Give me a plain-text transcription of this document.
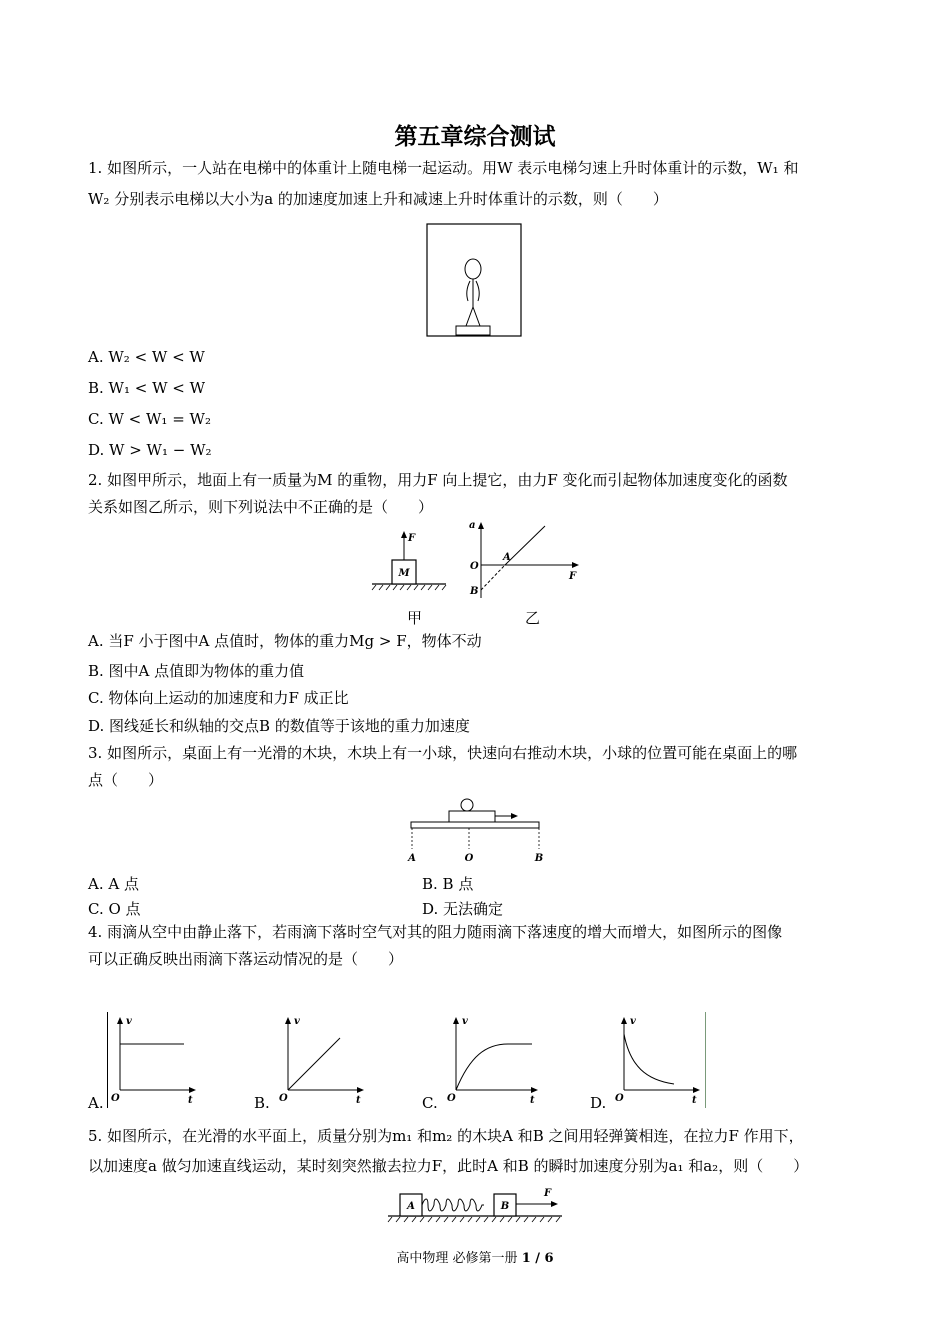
第五章综合测试
1. 如图所示，一人站在电梯中的体重计上随电梯一起运动。用W 表示电梯匀速上升时体重计的示数，W₁ 和
W₂ 分别表示电梯以大小为a 的加速度加速上升和减速上升时体重计的示数，则（　　）
A. W₂ < W < W
B. W₁ < W < W
C. W < W₁ = W₂
D. W > W₁ − W₂
2. 如图甲所示，地面上有一质量为M 的重物，用力F 向上提它，由力F 变化而引起物体加速度变化的函数
关系如图乙所示，则下列说法中不正确的是（　　）
M
F
a
F
O
A
B
甲	乙
A. 当F 小于图中A 点值时，物体的重力Mg > F，物体不动
B. 图中A 点值即为物体的重力值
C. 物体向上运动的加速度和力F 成正比
D. 图线延长和纵轴的交点B 的数值等于该地的重力加速度
3. 如图所示，桌面上有一光滑的木块，木块上有一小球，快速向右推动木块，小球的位置可能在桌面上的哪
点（　　）
A	O	B
A. A 点	B. B 点
C. O 点	D. 无法确定
4. 雨滴从空中由静止落下，若雨滴下落时空气对其的阻力随雨滴下落速度的增大而增大，如图所示的图像
可以正确反映出雨滴下落运动情况的是（　　）
A.
v
t
O	B.
v
t
O	C.
v
t
O	D.
v
t
O
5. 如图所示，在光滑的水平面上，质量分别为m₁ 和m₂ 的木块A 和B 之间用轻弹簧相连，在拉力F 作用下，
以加速度a 做匀加速直线运动，某时刻突然撤去拉力F，此时A 和B 的瞬时加速度分别为a₁ 和a₂，则（　　）
A	B
F
高中物理 必修第一册 1 / 6
